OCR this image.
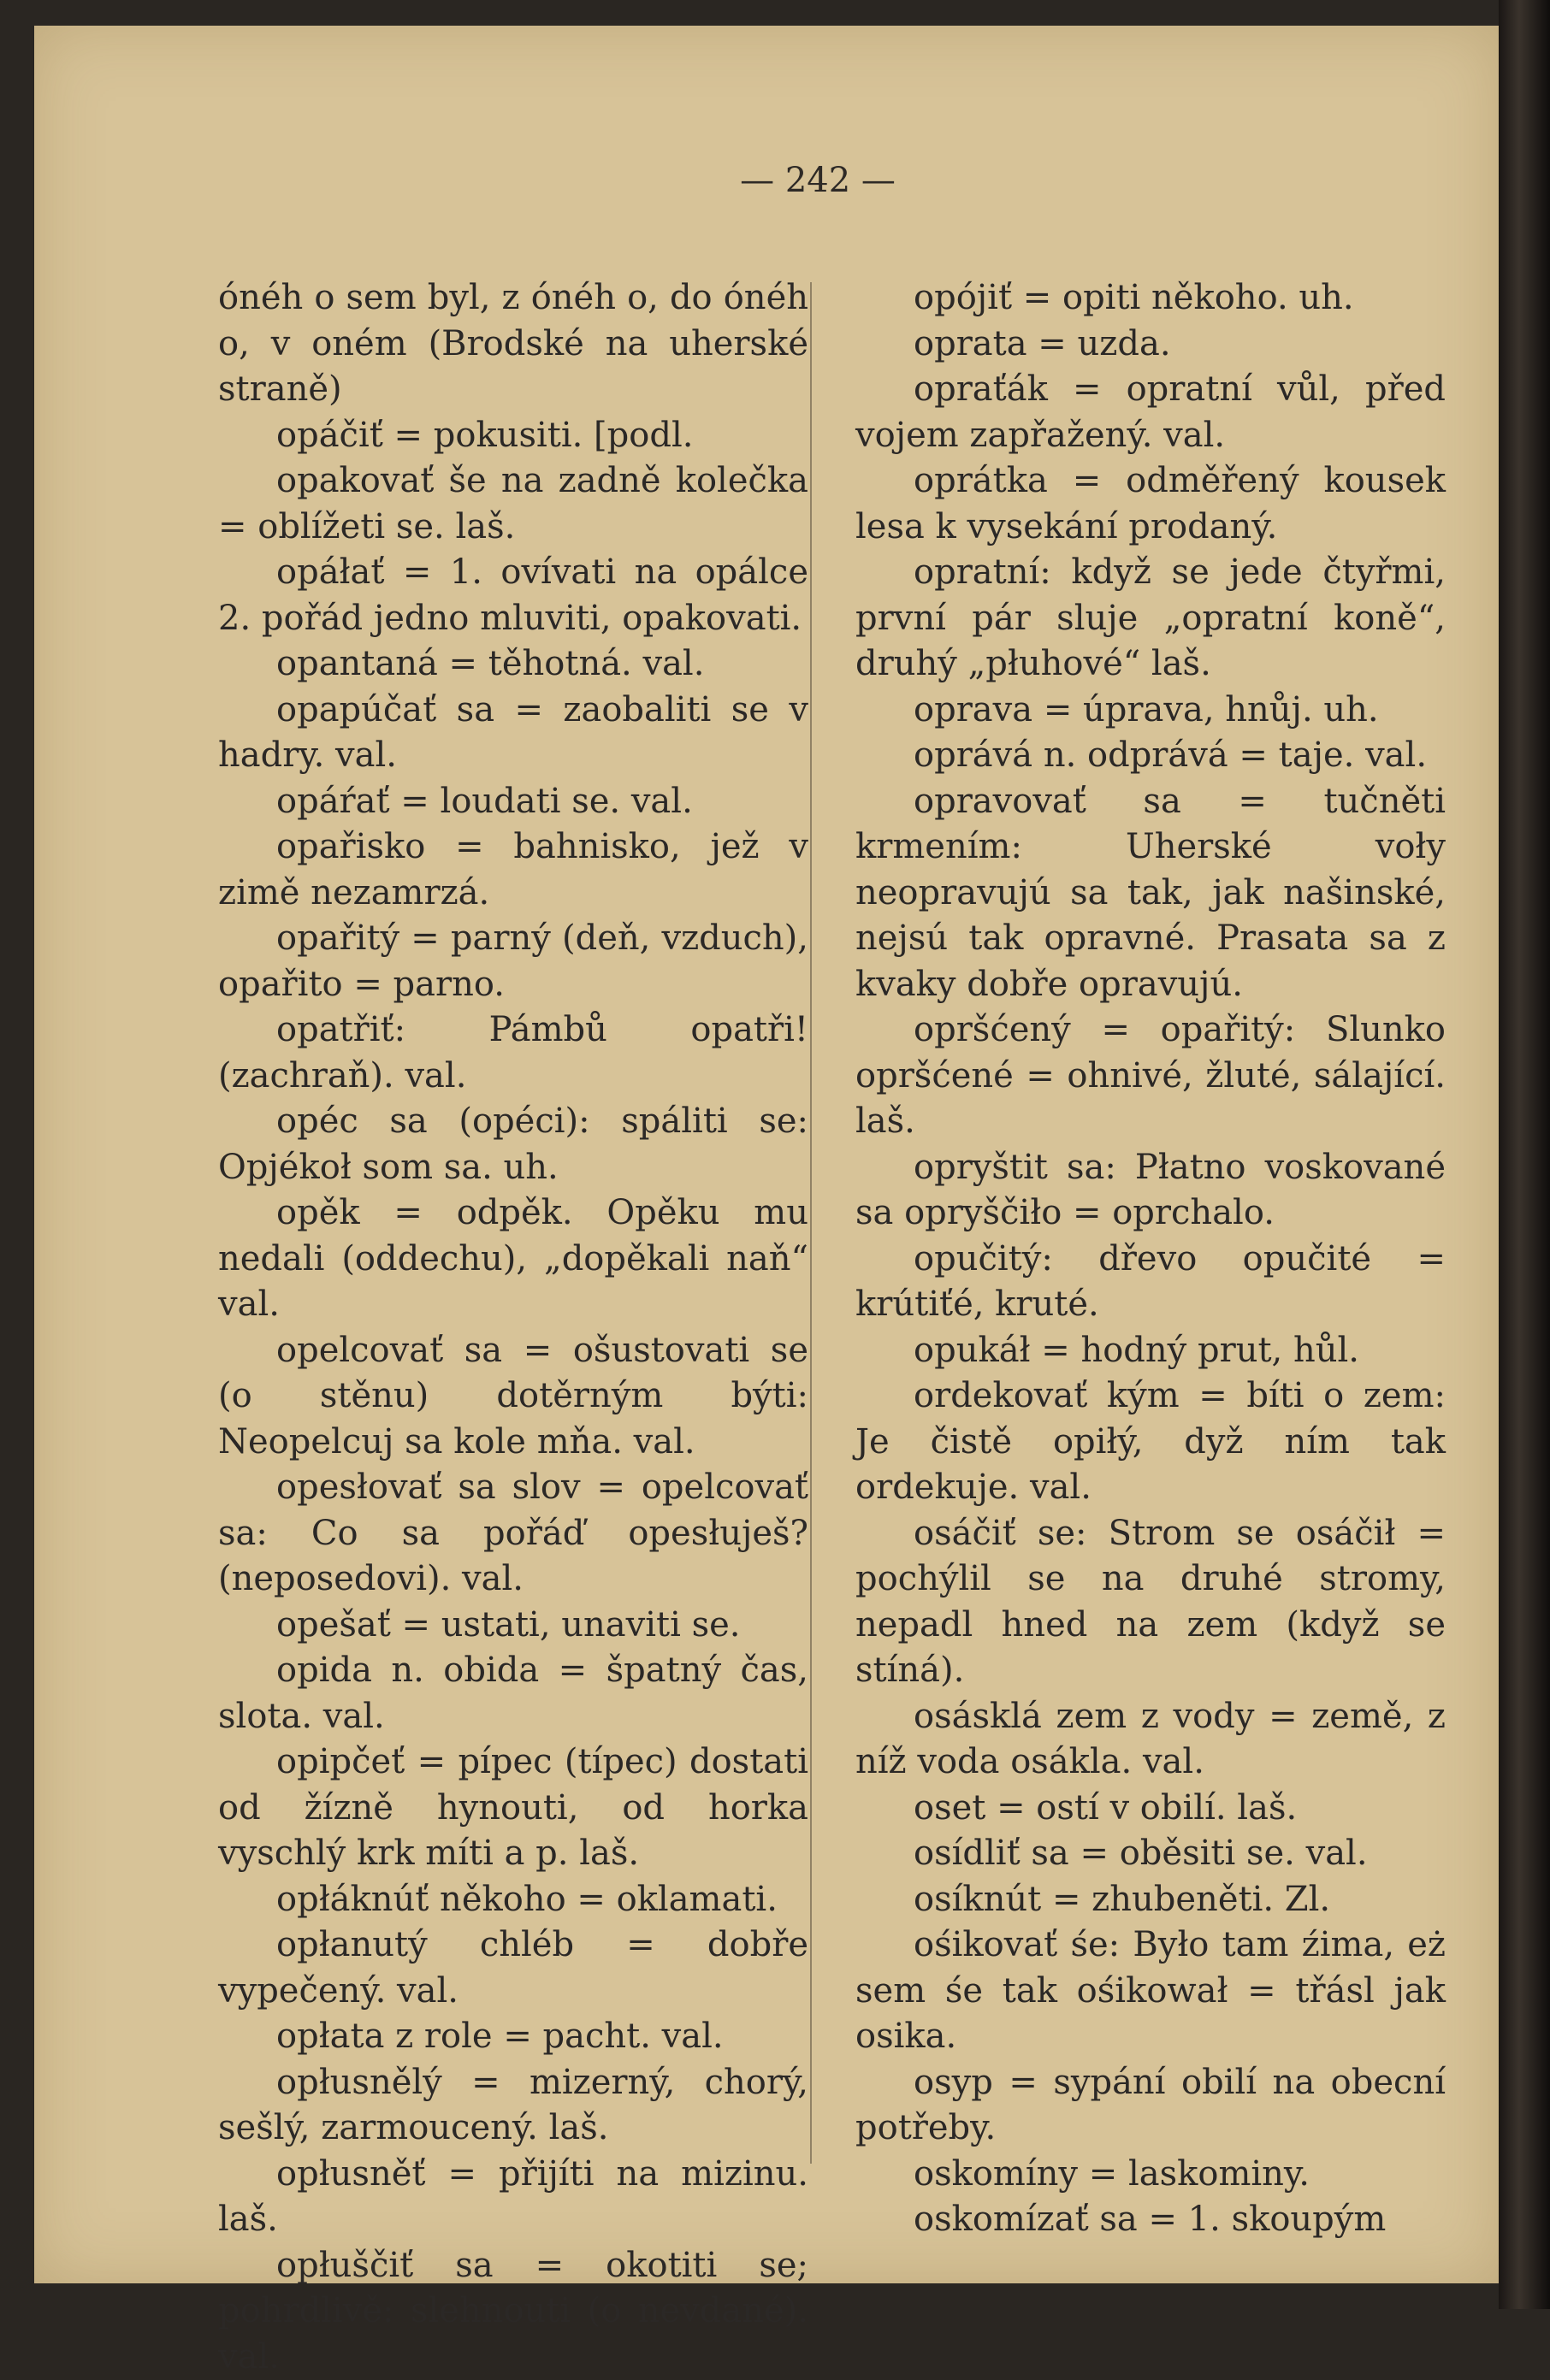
— 242 —

ónéh o sem byl, z ónéh o, do ónéh o, v oném (Brodské na uherské straně)

opáčiť = pokusiti. [podl.

opakovať še na zadně kolečka = oblížeti se. laš.

opáłať = 1. ovívati na opálce 2. pořád jedno mluviti, opakovati.

opantaná = těhotná. val.

opapúčať sa = zaobaliti se v hadry. val.

opáŕať = loudati se. val.

opařisko = bahnisko, jež v zimě nezamrzá.

opařitý = parný (deň, vzduch), opařito = parno.

opatřiť: Pámbů opatři! (zachraň). val.

opéc sa (opéci): spáliti se: Opjékoł som sa. uh.

opěk = odpěk. Opěku mu nedali (oddechu), „dopěkali naň“ val.

opelcovať sa = ošustovati se (o stěnu) dotěrným býti: Neopelcuj sa kole mňa. val.

opesłovať sa slov = opelcovať sa: Co sa pořáď opesłuješ? (neposedovi). val.

opešať = ustati, unaviti se.

opida n. obida = špatný čas, slota. val.

opipčeť = pípec (típec) dostati od žízně hynouti, od horka vyschlý krk míti a p. laš.

opłáknúť někoho = oklamati.

opłanutý chléb = dobře vypečený. val.

opłata z role = pacht. val.

opłusnělý = mizerný, chorý, sešlý, zarmoucený. laš.

opłusněť = přijíti na mizinu. laš.

opłuščiť sa = okotiti se; pohrdlivě: slehnouti (o nevdané). val.

opójiť = opiti někoho. uh.

oprata = uzda.

opraťák = opratní vůl, před vojem zapřažený. val.

oprátka = odměřený kousek lesa k vysekání prodaný.

opratní: když se jede čtyřmi, první pár sluje „opratní koně“, druhý „płuhové“ laš.

oprava = úprava, hnůj. uh.

oprává n. odprává = taje. val.

opravovať sa = tučněti krmením: Uherské voły neopravujú sa tak, jak našinské, nejsú tak opravné. Prasata sa z kvaky dobře opravujú.

opršćený = opařitý: Slunko opršćené = ohnivé, žluté, sálající. laš.

opryštit sa: Płatno voskované sa opryščiło = oprchalo.

opučitý: dřevo opučité = krútiťé, kruté.

opukáł = hodný prut, hůl.

ordekovať kým = bíti o zem: Je čistě opiłý, dyž ním tak ordekuje. val.

osáčiť se: Strom se osáčił = pochýlil se na druhé stromy, nepadl hned na zem (když se stíná).

osásklá zem z vody = země, z níž voda osákla. val.

oset = ostí v obilí. laš.

osídliť sa = oběsiti se. val.

osíknút = zhubeněti. Zl.

ośikovať śe: Było tam źima, eż sem śe tak ośikował = třásl jak osika.

osyp = sypání obilí na obecní potřeby.

oskomíny = laskominy.

oskomízať sa = 1. skoupým
